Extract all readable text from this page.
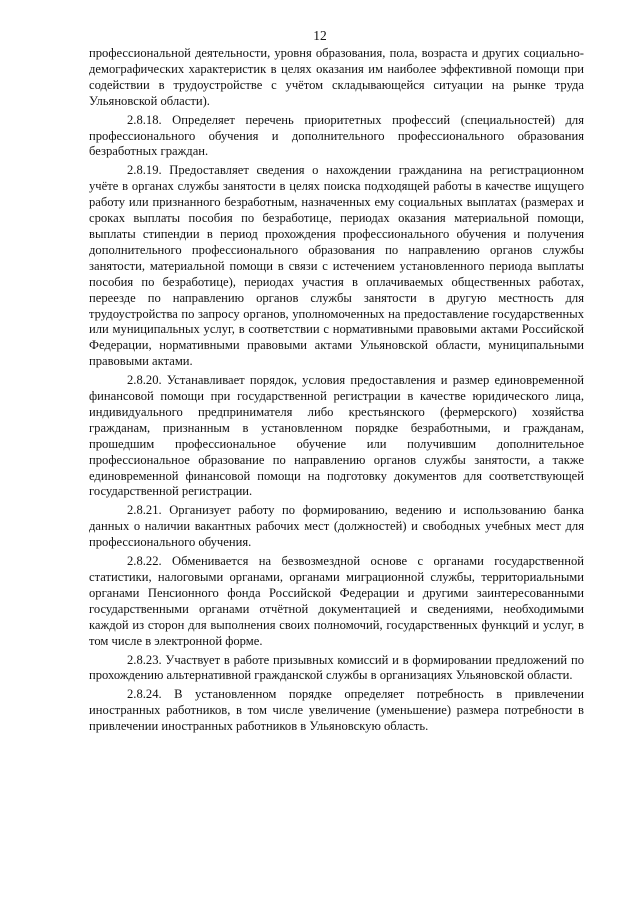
12

профессиональной деятельности, уровня образования, пола, возраста и других социально-демографических характеристик в целях оказания им наиболее эффективной помощи при содействии в трудоустройстве с учётом складывающейся ситуации на рынке труда Ульяновской области).

2.8.18. Определяет перечень приоритетных профессий (специальностей) для профессионального обучения и дополнительного профессионального образования безработных граждан.

2.8.19. Предоставляет сведения о нахождении гражданина на регистрационном учёте в органах службы занятости в целях поиска подходящей работы в качестве ищущего работу или признанного безработным, назначенных ему социальных выплатах (размерах и сроках выплаты пособия по безработице, периодах оказания материальной помощи, выплаты стипендии в период прохождения профессионального обучения и получения дополнительного профессионального образования по направлению органов службы занятости, материальной помощи в связи с истечением установленного периода выплаты пособия по безработице), периодах участия в оплачиваемых общественных работах, переезде по направлению органов службы занятости в другую местность для трудоустройства по запросу органов, уполномоченных на предоставление государственных или муниципальных услуг, в соответствии с нормативными правовыми актами Российской Федерации, нормативными правовыми актами Ульяновской области, муниципальными правовыми актами.

2.8.20. Устанавливает порядок, условия предоставления и размер единовременной финансовой помощи при государственной регистрации в качестве юридического лица, индивидуального предпринимателя либо крестьянского (фермерского) хозяйства гражданам, признанным в установленном порядке безработными, и гражданам, прошедшим профессиональное обучение или получившим дополнительное профессиональное образование по направлению органов службы занятости, а также единовременной финансовой помощи на подготовку документов для соответствующей государственной регистрации.

2.8.21. Организует работу по формированию, ведению и использованию банка данных о наличии вакантных рабочих мест (должностей) и свободных учебных мест для профессионального обучения.

2.8.22. Обменивается на безвозмездной основе с органами государственной статистики, налоговыми органами, органами миграционной службы, территориальными органами Пенсионного фонда Российской Федерации и другими заинтересованными государственными органами отчётной документацией и сведениями, необходимыми каждой из сторон для выполнения своих полномочий, государственных функций и услуг, в том числе в электронной форме.

2.8.23. Участвует в работе призывных комиссий и в формировании предложений по прохождению альтернативной гражданской службы в организациях Ульяновской области.

2.8.24. В установленном порядке определяет потребность в привлечении иностранных работников, в том числе увеличение (уменьшение) размера потребности в привлечении иностранных работников в Ульяновскую область.
